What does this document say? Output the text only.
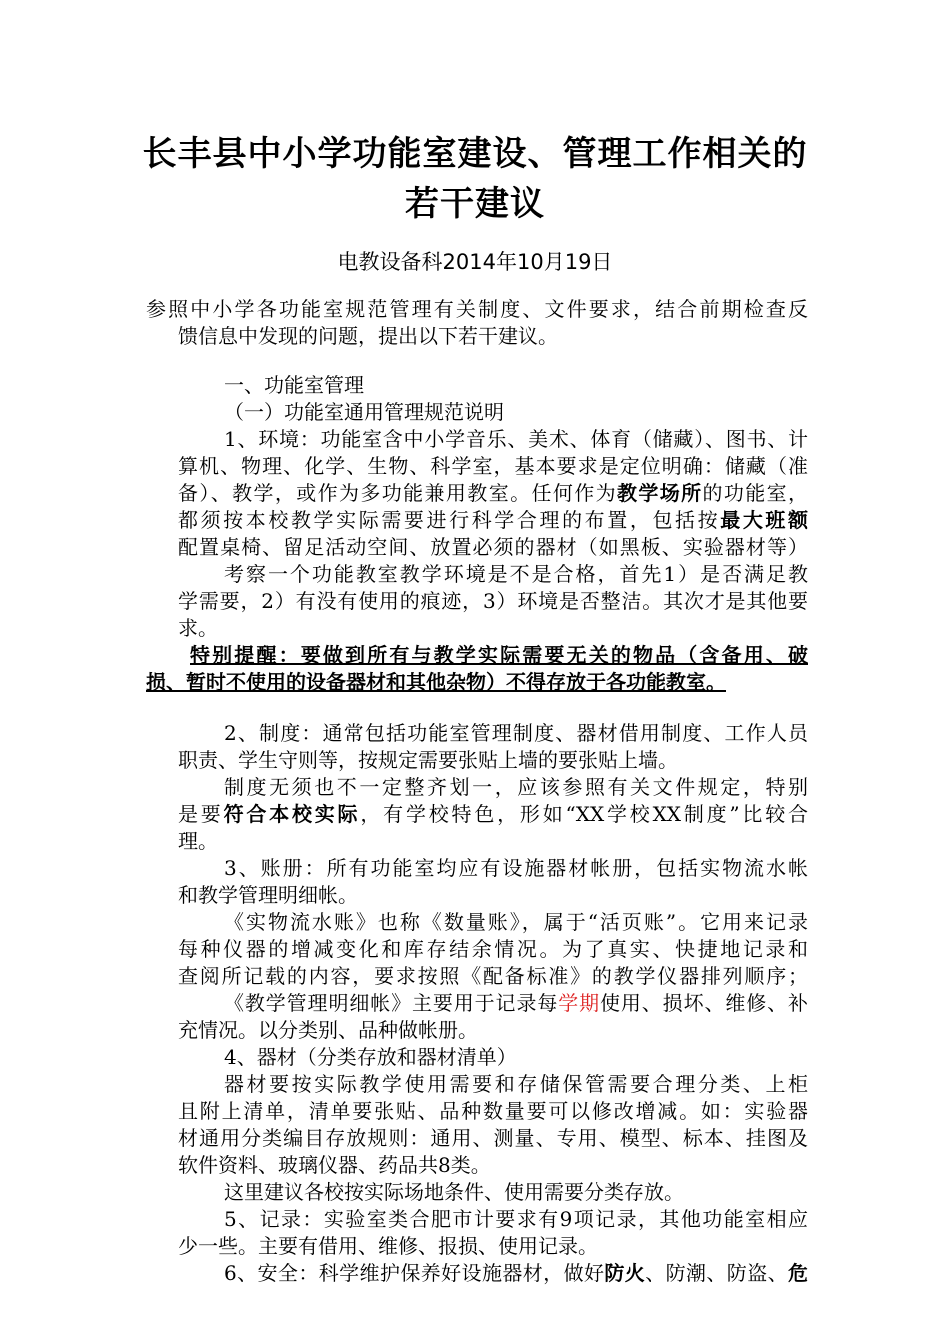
长丰县中小学功能室建设、管理工作相关的
若干建议
电教设备科2014年10月19日
参照中小学各功能室规范管理有关制度、文件要求，结合前期检查反
馈信息中发现的问题，提出以下若干建议。
一、功能室管理
（一）功能室通用管理规范说明
1、环境：功能室含中小学音乐、美术、体育（储藏）、图书、计
算机、物理、化学、生物、科学室，基本要求是定位明确：储藏（准
备）、教学，或作为多功能兼用教室。任何作为教学场所的功能室，
都须按本校教学实际需要进行科学合理的布置，包括按最大班额
配置桌椅、留足活动空间、放置必须的器材（如黑板、实验器材等）
考察一个功能教室教学环境是不是合格，首先1）是否满足教
学需要，2）有没有使用的痕迹，3）环境是否整洁。其次才是其他要
求。
特别提醒：要做到所有与教学实际需要无关的物品（含备用、破
损、暂时不使用的设备器材和其他杂物）不得存放于各功能教室。
2、制度：通常包括功能室管理制度、器材借用制度、工作人员
职责、学生守则等，按规定需要张贴上墙的要张贴上墙。
制度无须也不一定整齐划一，应该参照有关文件规定，特别
是要符合本校实际，有学校特色，形如“XX学校XX制度”比较合
理。
3、账册：所有功能室均应有设施器材帐册，包括实物流水帐
和教学管理明细帐。
《实物流水账》也称《数量账》，属于“活页账”。它用来记录
每种仪器的增减变化和库存结余情况。为了真实、快捷地记录和
查阅所记载的内容，要求按照《配备标准》的教学仪器排列顺序；
《教学管理明细帐》主要用于记录每学期使用、损坏、维修、补
充情况。以分类别、品种做帐册。
4、器材（分类存放和器材清单）
器材要按实际教学使用需要和存储保管需要合理分类、上柜
且附上清单，清单要张贴、品种数量要可以修改增减。如：实验器
材通用分类编目存放规则：通用、测量、专用、模型、标本、挂图及
软件资料、玻璃仪器、药品共8类。
这里建议各校按实际场地条件、使用需要分类存放。
5、记录：实验室类合肥市计要求有9项记录，其他功能室相应
少一些。主要有借用、维修、报损、使用记录。
6、安全：科学维护保养好设施器材，做好防火、防潮、防盗、危
